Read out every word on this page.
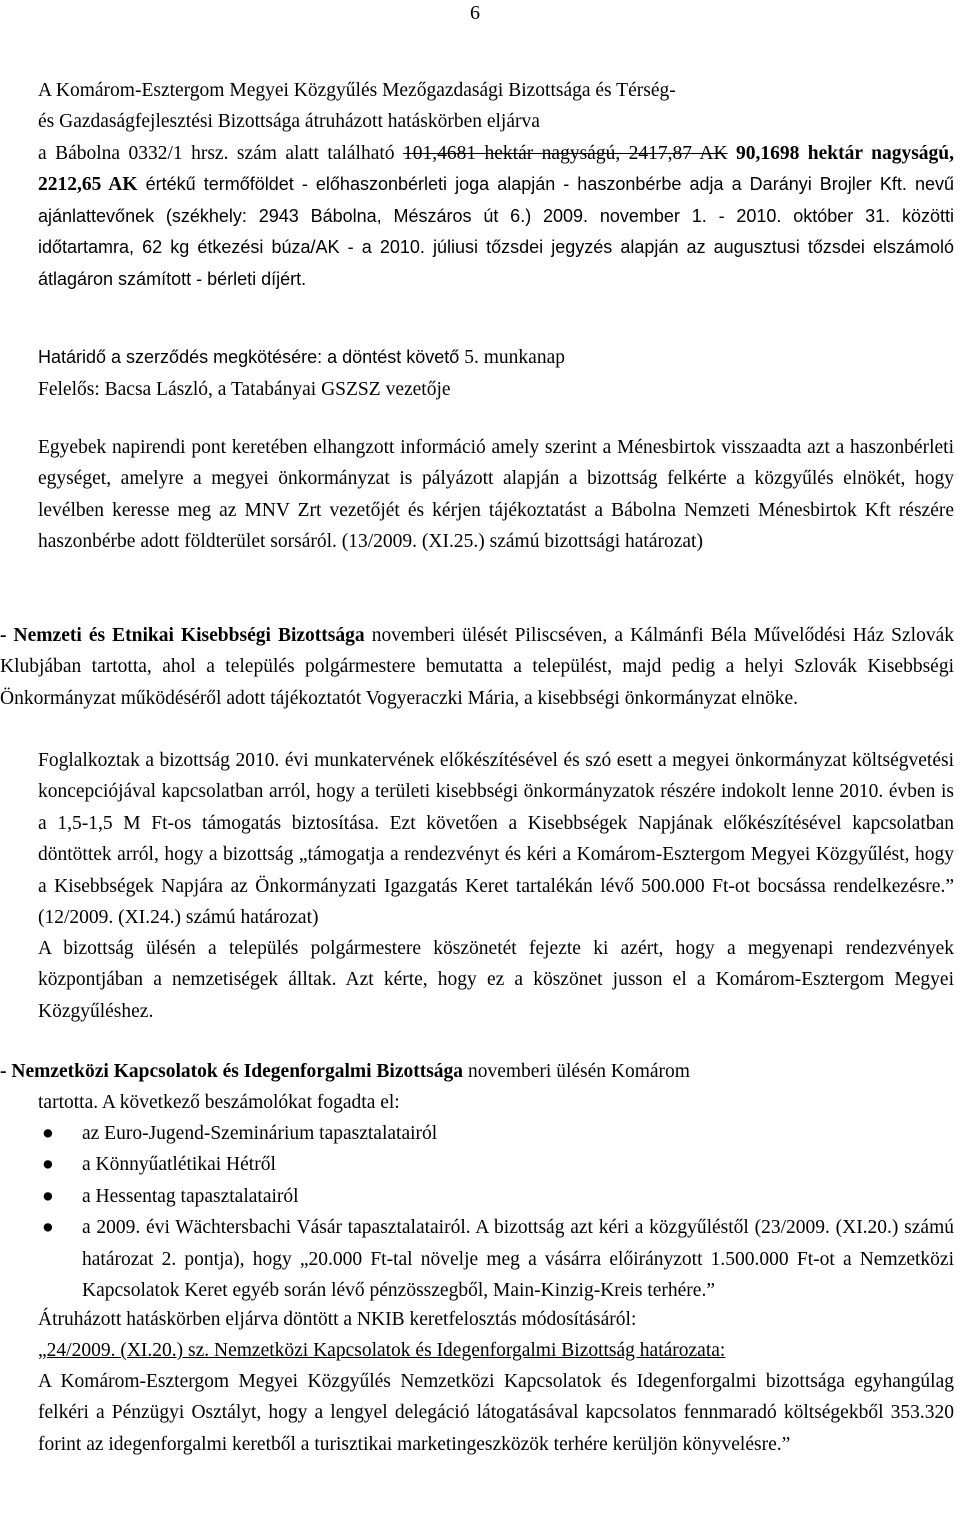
6
A Komárom-Esztergom Megyei Közgyűlés Mezőgazdasági Bizottsága és Térség-
és Gazdaságfejlesztési Bizottsága átruházott hatáskörben eljárva
a Bábolna 0332/1 hrsz. szám alatt található 101,4681 hektár nagyságú, 2417,87 AK 90,1698 hektár nagyságú, 2212,65 AK értékű termőföldet - előhaszonbérleti joga alapján - haszonbérbe adja a Darányi Brojler Kft. nevű ajánlattevőnek (székhely: 2943 Bábolna, Mészáros út 6.) 2009. november 1. - 2010. október 31. közötti időtartamra, 62 kg étkezési búza/AK - a 2010. júliusi tőzsdei jegyzés alapján az augusztusi tőzsdei elszámoló átlagáron számított - bérleti díjért.
Határidő a szerződés megkötésére: a döntést követő 5. munkanap
Felelős: Bacsa László, a Tatabányai GSZSZ vezetője
Egyebek napirendi pont keretében elhangzott információ amely szerint a Ménesbirtok visszaadta azt a haszonbérleti egységet, amelyre a megyei önkormányzat is pályázott alapján a bizottság felkérte a közgyűlés elnökét, hogy levélben keresse meg az MNV Zrt vezetőjét és kérjen tájékoztatást a Bábolna Nemzeti Ménesbirtok Kft részére haszonbérbe adott földterület sorsáról. (13/2009. (XI.25.) számú bizottsági határozat)
- Nemzeti és Etnikai Kisebbségi Bizottsága novemberi ülését Piliscséven, a Kálmánfi Béla Művelődési Ház Szlovák Klubjában tartotta, ahol a település polgármestere bemutatta a települést, majd pedig a helyi Szlovák Kisebbségi Önkormányzat működéséről adott tájékoztatót Vogyeraczki Mária, a kisebbségi önkormányzat elnöke.
Foglalkoztak a bizottság 2010. évi munkatervének előkészítésével és szó esett a megyei önkormányzat költségvetési koncepciójával kapcsolatban arról, hogy a területi kisebbségi önkormányzatok részére indokolt lenne 2010. évben is a 1,5-1,5 M Ft-os támogatás biztosítása. Ezt követően a Kisebbségek Napjának előkészítésével kapcsolatban döntöttek arról, hogy a bizottság „támogatja a rendezvényt és kéri a Komárom-Esztergom Megyei Közgyűlést, hogy a Kisebbségek Napjára az Önkormányzati Igazgatás Keret tartalékán lévő 500.000 Ft-ot bocsássa rendelkezésre.” (12/2009. (XI.24.) számú határozat)
A bizottság ülésén a település polgármestere köszönetét fejezte ki azért, hogy a megyenapi rendezvények központjában a nemzetiségek álltak. Azt kérte, hogy ez a köszönet jusson el a Komárom-Esztergom Megyei Közgyűléshez.
- Nemzetközi Kapcsolatok és Idegenforgalmi Bizottsága novemberi ülésén Komárom
tartotta. A következő beszámolókat fogadta el:
● az Euro-Jugend-Szeminárium tapasztalatairól
● a Könnyűatlétikai Hétről
● a Hessentag tapasztalatairól
● a 2009. évi Wächtersbachi Vásár tapasztalatairól. A bizottság azt kéri a közgyűléstől (23/2009. (XI.20.) számú határozat 2. pontja), hogy „20.000 Ft-tal növelje meg a vásárra előirányzott 1.500.000 Ft-ot a Nemzetközi Kapcsolatok Keret egyéb során lévő pénzösszegből, Main-Kinzig-Kreis terhére.”
Átruházott hatáskörben eljárva döntött a NKIB keretfelosztás módosításáról:
„24/2009. (XI.20.) sz. Nemzetközi Kapcsolatok és Idegenforgalmi Bizottság határozata:
A Komárom-Esztergom Megyei Közgyűlés Nemzetközi Kapcsolatok és Idegenforgalmi bizottsága egyhangúlag felkéri a Pénzügyi Osztályt, hogy a lengyel delegáció látogatásával kapcsolatos fennmaradó költségekből 353.320 forint az idegenforgalmi keretből a turisztikai marketingeszközök terhére kerüljön könyvelésre.”
